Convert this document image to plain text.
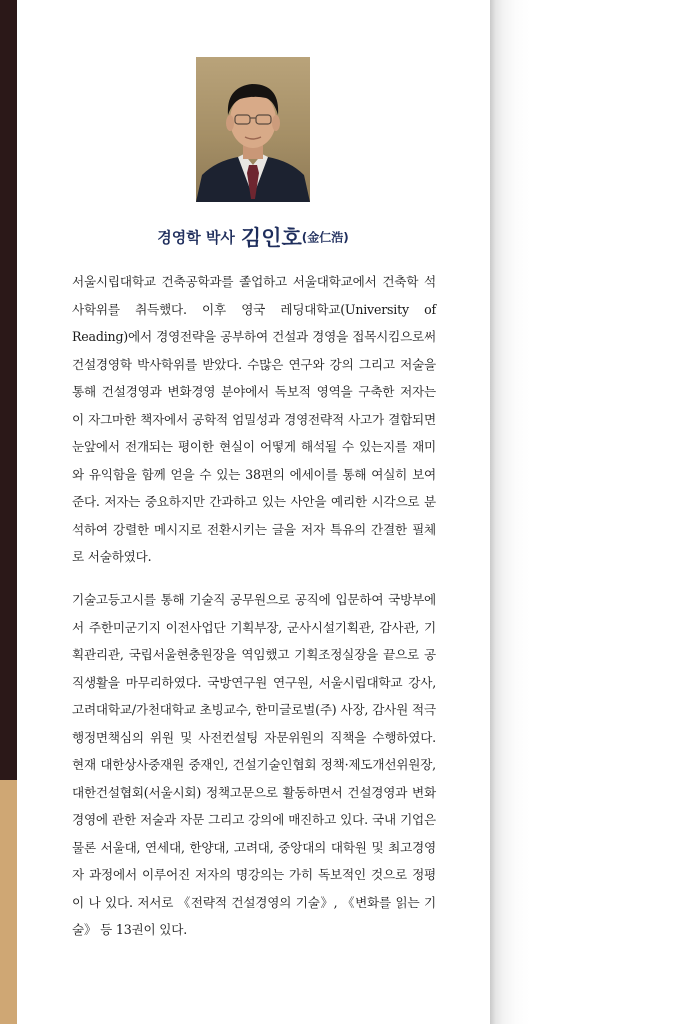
경영학 박사 김인호(金仁浩)
서울시립대학교 건축공학과를 졸업하고 서울대학교에서 건축학 석사학위를 취득했다. 이후 영국 레딩대학교(University of Reading)에서 경영전략을 공부하여 건설과 경영을 접목시킴으로써 건설경영학 박사학위를 받았다. 수많은 연구와 강의 그리고 저술을 통해 건설경영과 변화경영 분야에서 독보적 영역을 구축한 저자는 이 자그마한 책자에서 공학적 엄밀성과 경영전략적 사고가 결합되면 눈앞에서 전개되는 평이한 현실이 어떻게 해석될 수 있는지를 재미와 유익함을 함께 얻을 수 있는 38편의 에세이를 통해 여실히 보여 준다. 저자는 중요하지만 간과하고 있는 사안을 예리한 시각으로 분석하여 강렬한 메시지로 전환시키는 글을 저자 특유의 간결한 필체로 서술하였다.
기술고등고시를 통해 기술직 공무원으로 공직에 입문하여 국방부에서 주한미군기지 이전사업단 기획부장, 군사시설기획관, 감사관, 기획관리관, 국립서울현충원장을 역임했고 기획조정실장을 끝으로 공직생활을 마무리하였다. 국방연구원 연구원, 서울시립대학교 강사, 고려대학교/가천대학교 초빙교수, 한미글로벌(주) 사장, 감사원 적극행정면책심의 위원 및 사전컨설팅 자문위원의 직책을 수행하였다. 현재 대한상사중재원 중재인, 건설기술인협회 정책·제도개선위원장, 대한건설협회(서울시회) 정책고문으로 활동하면서 건설경영과 변화경영에 관한 저술과 자문 그리고 강의에 매진하고 있다. 국내 기업은 물론 서울대, 연세대, 한양대, 고려대, 중앙대의 대학원 및 최고경영자 과정에서 이루어진 저자의 명강의는 가히 독보적인 것으로 정평이 나 있다. 저서로 《전략적 건설경영의 기술》, 《변화를 읽는 기술》 등 13권이 있다.
